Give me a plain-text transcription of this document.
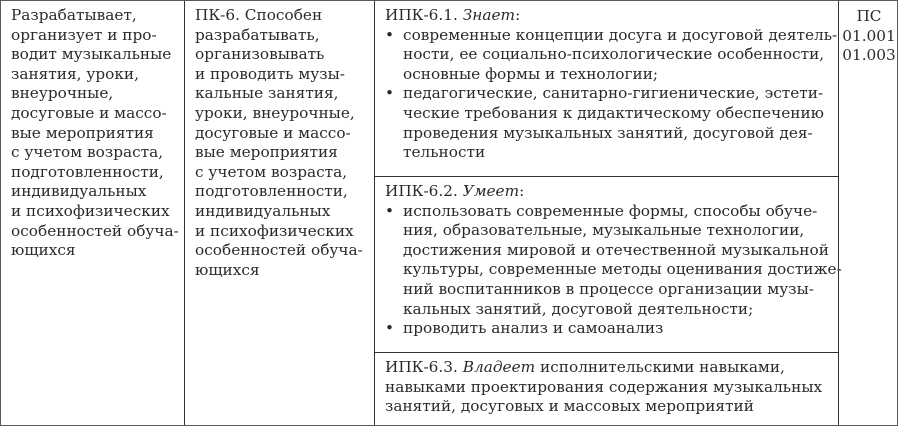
Разрабатывает,
организует и про-
водит музыкальные
занятия, уроки,
внеурочные,
досуговые и массо-
вые мероприятия
с учетом возраста,
подготовленности,
индивидуальных
и психофизических
особенностей обуча-
ющихся
ПК-6. Способен
разрабатывать,
организовывать
и проводить музы-
кальные занятия,
уроки, внеурочные,
досуговые и массо-
вые мероприятия
с учетом возраста,
подготовленности,
индивидуальных
и психофизических
особенностей обуча-
ющихся
ИПК-6.1. Знает:
• современные концепции досуга и досуговой деятель-
ности, ее социально-психологические особенности,
основные формы и технологии;
• педагогические, санитарно-гигиенические, эстети-
ческие требования к дидактическому обеспечению
проведения музыкальных занятий, досуговой дея-
тельности
ИПК-6.2. Умеет:
• использовать современные формы, способы обуче-
ния, образовательные, музыкальные технологии,
достижения мировой и отечественной музыкальной
культуры, современные методы оценивания достиже-
ний воспитанников в процессе организации музы-
кальных занятий, досуговой деятельности;
• проводить анализ и самоанализ
ИПК-6.3. Владеет исполнительскими навыками,
навыками проектирования содержания музыкальных
занятий, досуговых и массовых мероприятий
ПС
01.001
01.003
